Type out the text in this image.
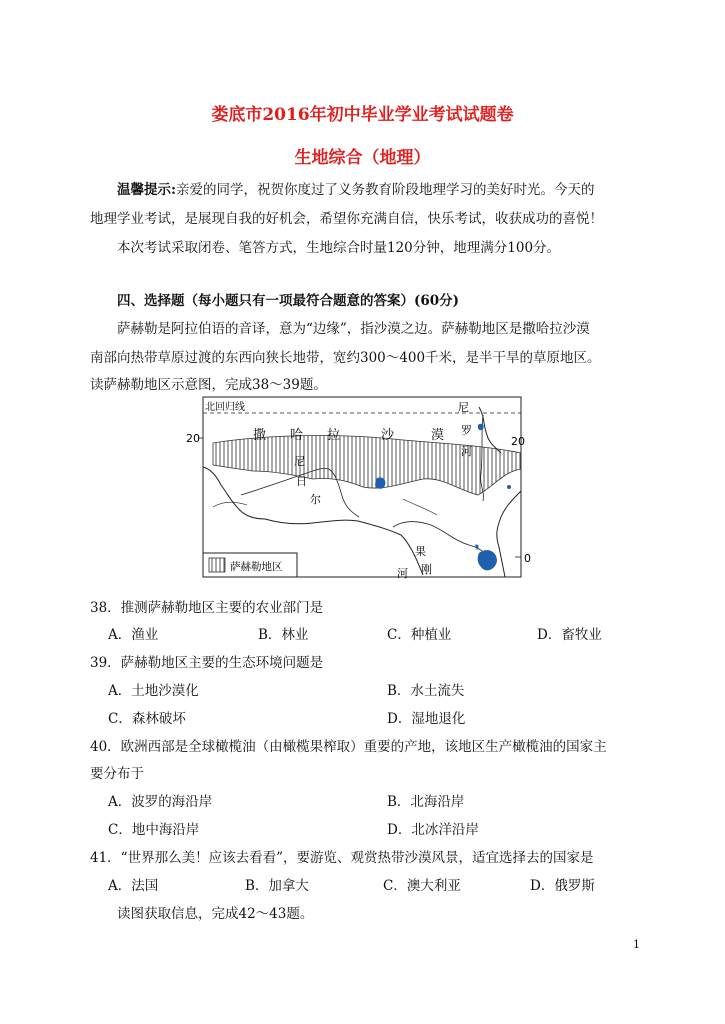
娄底市2016年初中毕业学业考试试题卷
生地综合（地理）
温馨提示:亲爱的同学，祝贺你度过了义务教育阶段地理学习的美好时光。今天的
地理学业考试，是展现自我的好机会，希望你充满自信，快乐考试，收获成功的喜悦！
本次考试采取闭卷、笔答方式，生地综合时量120分钟，地理满分100分。
四、选择题（每小题只有一项最符合题意的答案）(60分)
萨赫勒是阿拉伯语的音译，意为“边缘”，指沙漠之边。萨赫勒地区是撒哈拉沙漠
南部向热带草原过渡的东西向狭长地带，宽约300～400千米，是半干旱的草原地区。
读萨赫勒地区示意图，完成38～39题。
北回归线
20	20
0
撒 哈 拉	沙	漠
尼
罗
河
尼
日
尔
刚
果
河
萨赫勒地区
38．推测萨赫勒地区主要的农业部门是
A．渔业	B．林业	C．种植业	D．畜牧业
39．萨赫勒地区主要的生态环境问题是
A．土地沙漠化	B．水土流失
C．森林破坏	D．湿地退化
40．欧洲西部是全球橄榄油（由橄榄果榨取）重要的产地，该地区生产橄榄油的国家主
要分布于
A．波罗的海沿岸	B．北海沿岸
C．地中海沿岸	D．北冰洋沿岸
41．“世界那么美！应该去看看”，要游览、观赏热带沙漠风景，适宜选择去的国家是
A．法国	B．加拿大	C．澳大利亚	D．俄罗斯
读图获取信息，完成42～43题。
1
